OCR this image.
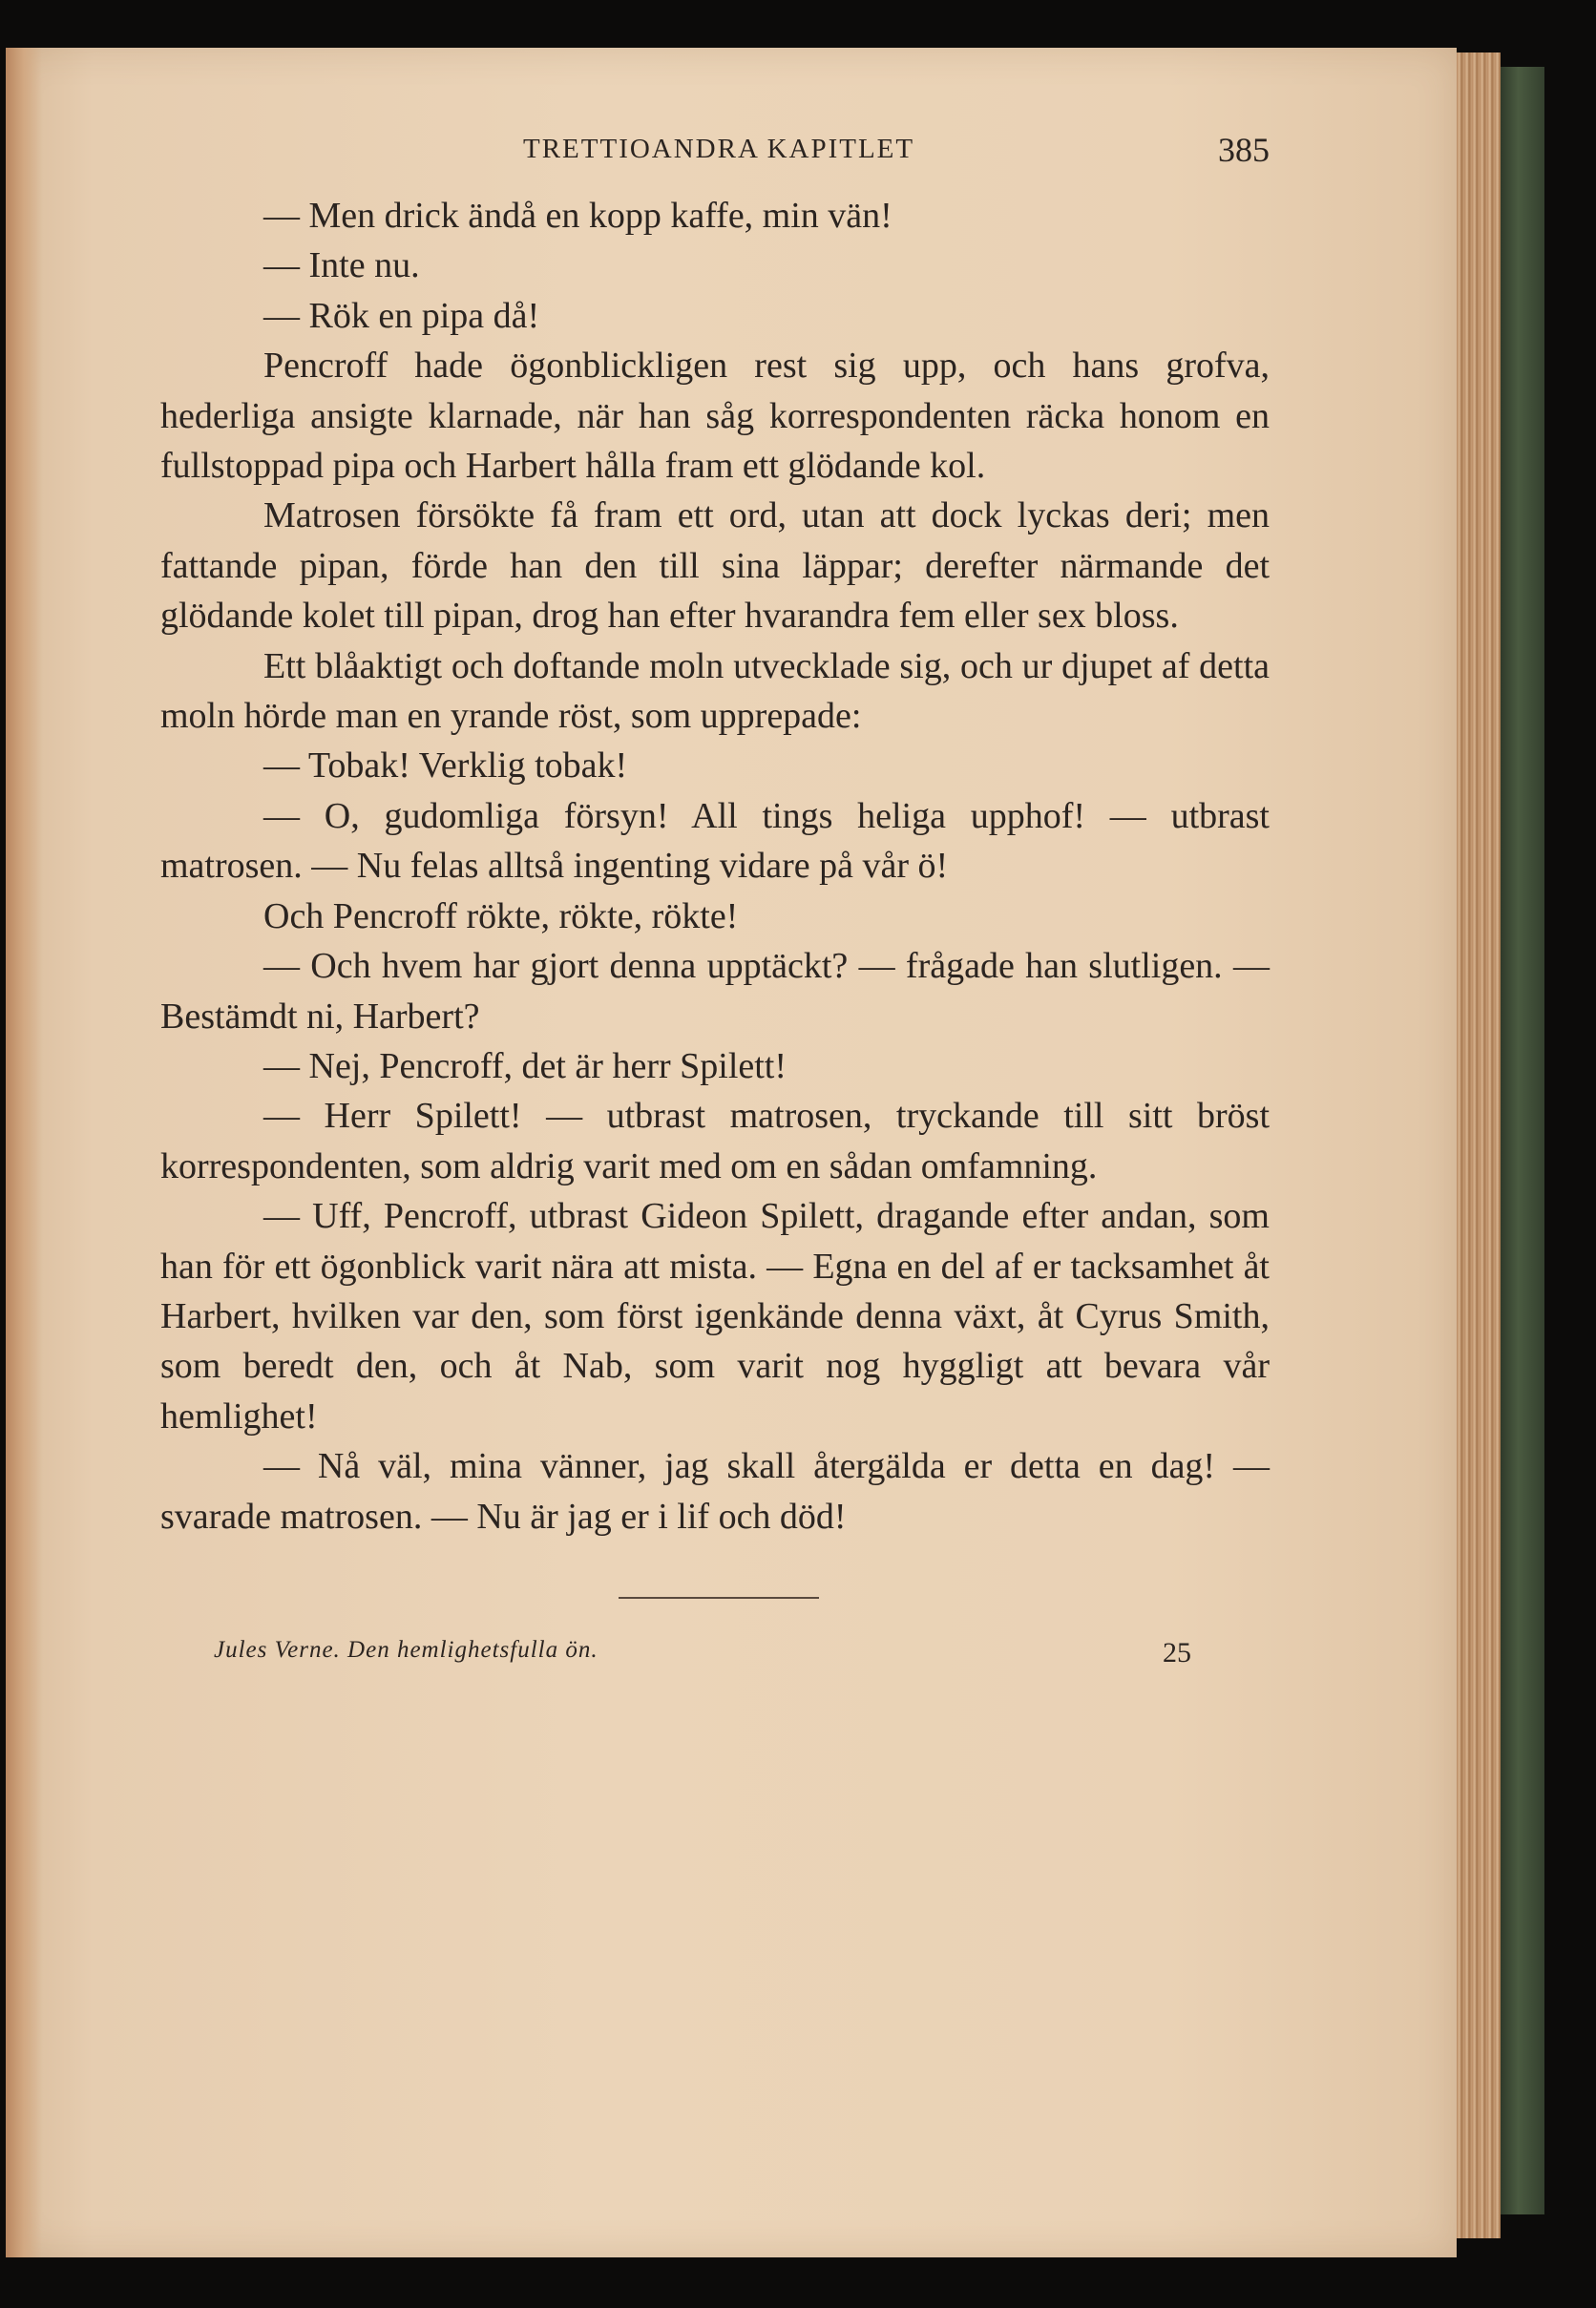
TRETTIOANDRA KAPITLET	385

— Men drick ändå en kopp kaffe, min vän!

— Inte nu.

— Rök en pipa då!

Pencroff hade ögonblickligen rest sig upp, och hans grofva, hederliga ansigte klarnade, när han såg korrespondenten räcka honom en fullstoppad pipa och Harbert hålla fram ett glödande kol.

Matrosen försökte få fram ett ord, utan att dock lyckas deri; men fattande pipan, förde han den till sina läppar; derefter närmande det glödande kolet till pipan, drog han efter hvarandra fem eller sex bloss.

Ett blåaktigt och doftande moln utvecklade sig, och ur djupet af detta moln hörde man en yrande röst, som upprepade:

— Tobak! Verklig tobak!

— O, gudomliga försyn! All tings heliga upphof! — utbrast matrosen. — Nu felas alltså ingenting vidare på vår ö!

Och Pencroff rökte, rökte, rökte!

— Och hvem har gjort denna upptäckt? — frågade han slutligen. — Bestämdt ni, Harbert?

— Nej, Pencroff, det är herr Spilett!

— Herr Spilett! — utbrast matrosen, tryckande till sitt bröst korrespondenten, som aldrig varit med om en sådan omfamning.

— Uff, Pencroff, utbrast Gideon Spilett, dragande efter andan, som han för ett ögonblick varit nära att mista. — Egna en del af er tacksamhet åt Harbert, hvilken var den, som först igenkände denna växt, åt Cyrus Smith, som beredt den, och åt Nab, som varit nog hyggligt att bevara vår hemlighet!

— Nå väl, mina vänner, jag skall återgälda er detta en dag! — svarade matrosen. — Nu är jag er i lif och död!

Jules Verne. Den hemlighetsfulla ön.	25
